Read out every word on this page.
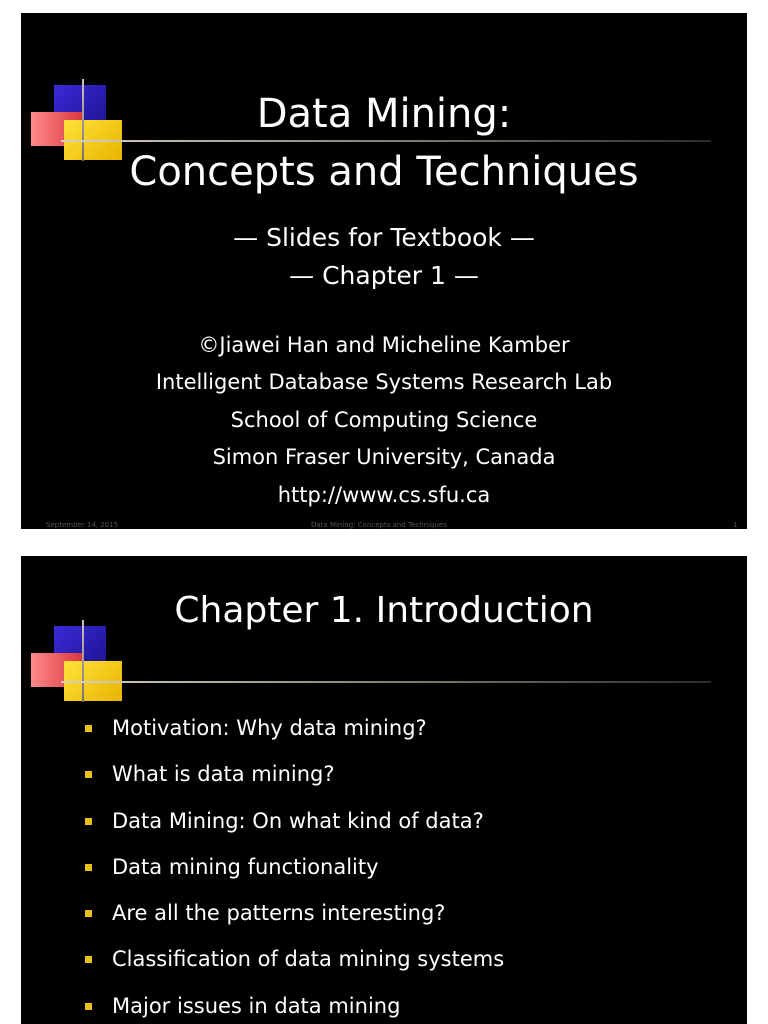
Data Mining:
Concepts and Techniques
— Slides for Textbook —
— Chapter 1 —
©Jiawei Han and Micheline Kamber
Intelligent Database Systems Research Lab
School of Computing Science
Simon Fraser University, Canada
http://www.cs.sfu.ca
September 14, 2015	Data Mining: Concepts and Techniques	1
Chapter 1. Introduction
Motivation: Why data mining?
What is data mining?
Data Mining: On what kind of data?
Data mining functionality
Are all the patterns interesting?
Classification of data mining systems
Major issues in data mining
